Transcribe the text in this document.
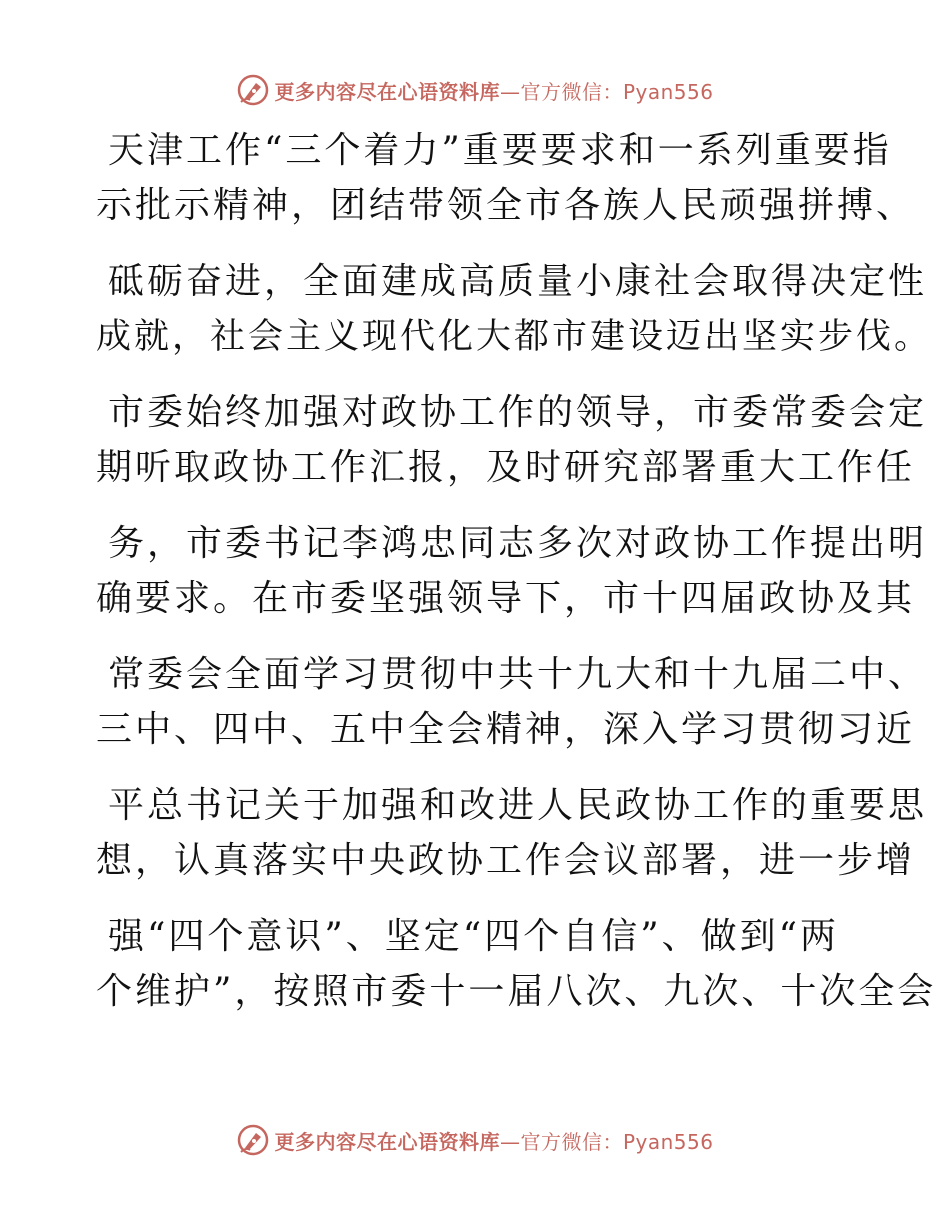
更多内容尽在心语资料库—官方微信：Pyan556
天津工作“三个着力”重要要求和一系列重要指
示批示精神，团结带领全市各族人民顽强拼搏、
砥砺奋进，全面建成高质量小康社会取得决定性
成就，社会主义现代化大都市建设迈出坚实步伐。
市委始终加强对政协工作的领导，市委常委会定
期听取政协工作汇报，及时研究部署重大工作任
务，市委书记李鸿忠同志多次对政协工作提出明
确要求。在市委坚强领导下，市十四届政协及其
常委会全面学习贯彻中共十九大和十九届二中、
三中、四中、五中全会精神，深入学习贯彻习近
平总书记关于加强和改进人民政协工作的重要思
想，认真落实中央政协工作会议部署，进一步增
强“四个意识”、坚定“四个自信”、做到“两
个维护”，按照市委十一届八次、九次、十次全会
更多内容尽在心语资料库—官方微信：Pyan556
